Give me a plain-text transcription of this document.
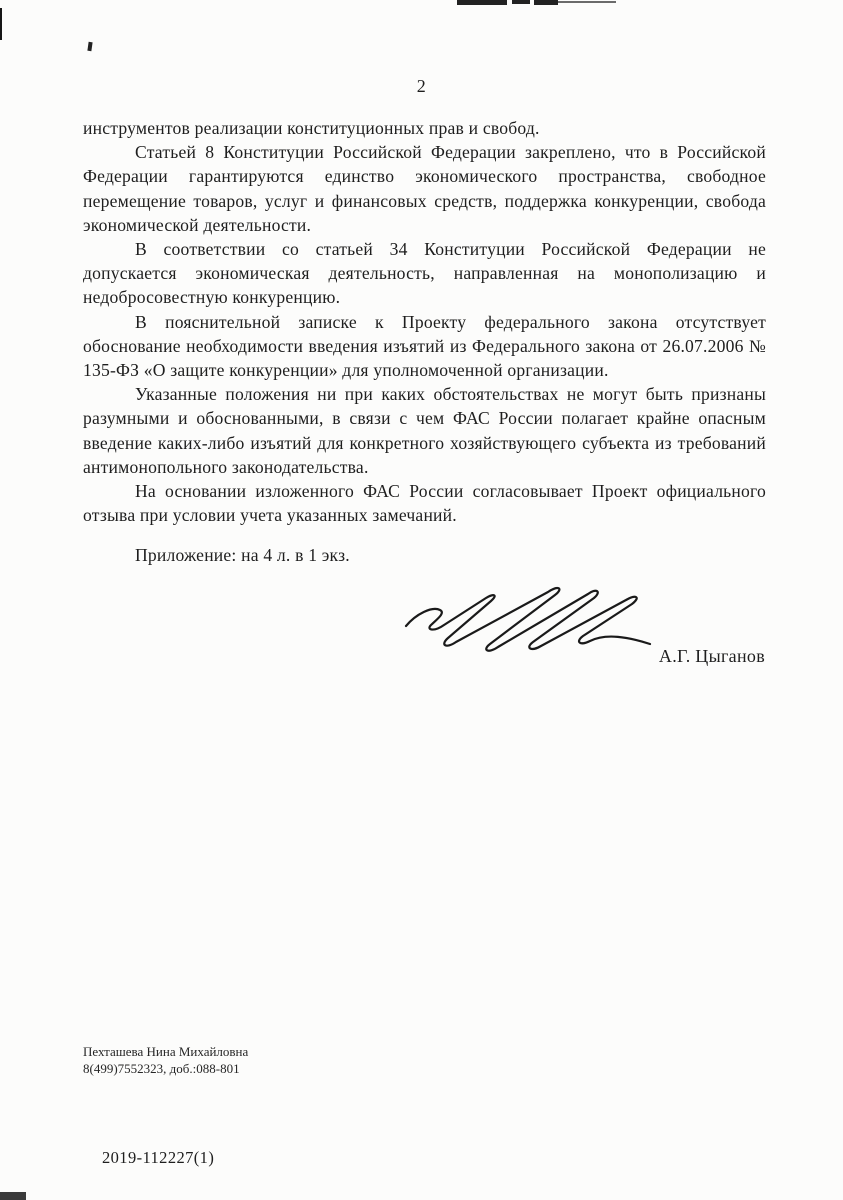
2

инструментов реализации конституционных прав и свобод.

Статьей 8 Конституции Российской Федерации закреплено, что в Российской Федерации гарантируются единство экономического пространства, свободное перемещение товаров, услуг и финансовых средств, поддержка конкуренции, свобода экономической деятельности.

В соответствии со статьей 34 Конституции Российской Федерации не допускается экономическая деятельность, направленная на монополизацию и недобросовестную конкуренцию.

В пояснительной записке к Проекту федерального закона отсутствует обоснование необходимости введения изъятий из Федерального закона от 26.07.2006 № 135-ФЗ «О защите конкуренции» для уполномоченной организации.

Указанные положения ни при каких обстоятельствах не могут быть признаны разумными и обоснованными, в связи с чем ФАС России полагает крайне опасным введение каких-либо изъятий для конкретного хозяйствующего субъекта из требований антимонопольного законодательства.

На основании изложенного ФАС России согласовывает Проект официального отзыва при условии учета указанных замечаний.

Приложение: на 4 л. в 1 экз.

А.Г. Цыганов
Пехташева Нина Михайловна
8(499)7552323, доб.:088-801
2019-112227(1)
